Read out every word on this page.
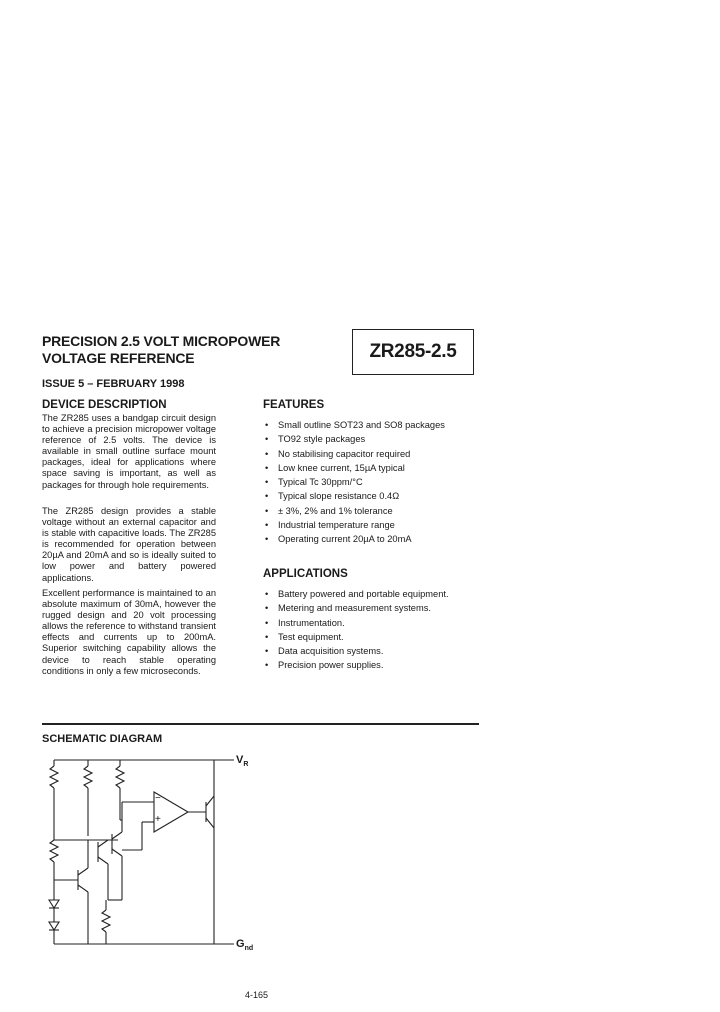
PRECISION 2.5 VOLT MICROPOWER
VOLTAGE REFERENCE	ZR285-2.5
ISSUE 5 – FEBRUARY 1998
DEVICE DESCRIPTION
The ZR285 uses a bandgap circuit design to achieve a precision micropower voltage reference of 2.5 volts. The device is available in small outline surface mount packages, ideal for applications where space saving is important, as well as packages for through hole requirements.
The ZR285 design provides a stable voltage without an external capacitor and is stable with capacitive loads. The ZR285 is recommended for operation between 20µA and 20mA and so is ideally suited to low power and battery powered applications.
Excellent performance is maintained to an absolute maximum of 30mA, however the rugged design and 20 volt processing allows the reference to withstand transient effects and currents up to 200mA. Superior switching capability allows the device to reach stable operating conditions in only a few microseconds.
FEATURES
• Small outline SOT23 and SO8 packages
• TO92 style packages
• No stabilising capacitor required
• Low knee current, 15µA typical
• Typical Tc 30ppm/°C
• Typical slope resistance 0.4Ω
• ± 3%, 2% and 1% tolerance
• Industrial temperature range
• Operating current 20µA to 20mA
APPLICATIONS
• Battery powered and portable equipment.
• Metering and measurement systems.
• Instrumentation.
• Test equipment.
• Data acquisition systems.
• Precision power supplies.
SCHEMATIC DIAGRAM
−
+
$V_R$
$G_{nd}$
4-165
